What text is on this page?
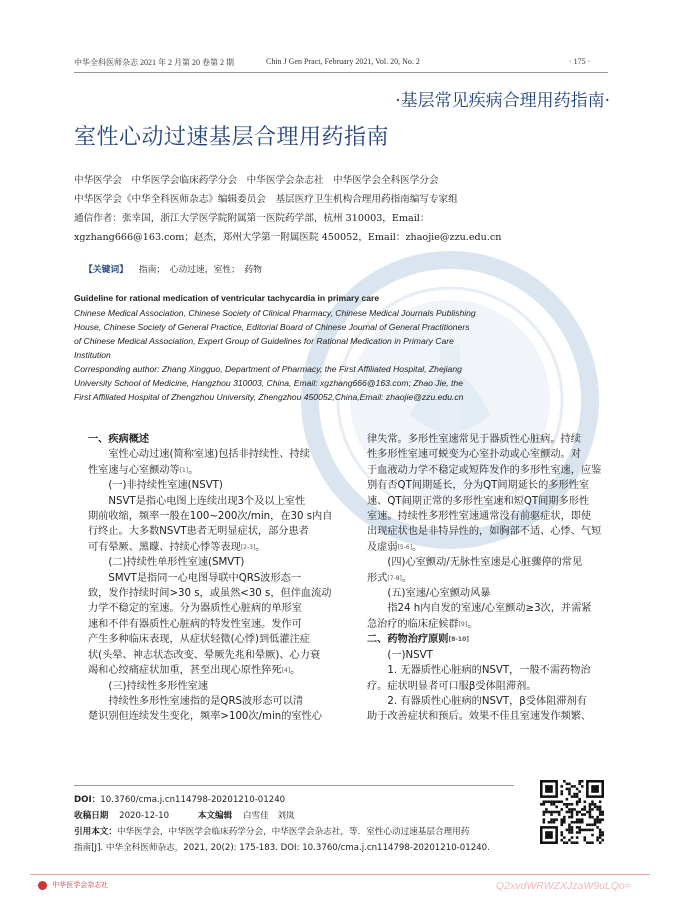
中华全科医师杂志 2021 年 2 月第 20 卷第 2 期	Chin J Gen Pract, February 2021, Vol. 20, No. 2	· 175 ·
·基层常见疾病合理用药指南·
室性心动过速基层合理用药指南
中华医学会　中华医学会临床药学分会　中华医学会杂志社　中华医学会全科医学分会
中华医学会《中华全科医师杂志》编辑委员会　基层医疗卫生机构合理用药指南编写专家组
通信作者：张幸国，浙江大学医学院附属第一医院药学部，杭州 310003，Email：
xgzhang666@163.com；赵杰，郑州大学第一附属医院 450052，Email：zhaojie@zzu.edu.cn
【关键词】 指南；　心动过速，室性；　药物
Guideline for rational medication of ventricular tachycardia in primary care
Chinese Medical Association, Chinese Society of Clinical Pharmacy, Chinese Medical Journals Publishing
House, Chinese Society of General Practice, Editorial Board of Chinese Journal of General Practitioners
of Chinese Medical Association, Expert Group of Guidelines for Rational Medication in Primary Care
Institution
Corresponding author: Zhang Xingguo, Department of Pharmacy, the First Affiliated Hospital, Zhejiang
University School of Medicine, Hangzhou 310003, China, Email: xgzhang666@163.com; Zhao Jie, the
First Affiliated Hospital of Zhengzhou University, Zhengzhou 450052,China,Email: zhaojie@zzu.edu.cn
一、疾病概述
　　室性心动过速(简称室速)包括非持续性、持续
性室速与心室颤动等[1]。
　　(一)非持续性室速(NSVT)
　　NSVT是指心电图上连续出现3个及以上室性
期前收缩，频率一般在100~200次/min，在30 s内自
行终止。大多数NSVT患者无明显症状，部分患者
可有晕厥、黑矇、持续心悸等表现[2-3]。
　　(二)持续性单形性室速(SMVT)
　　SMVT是指同一心电图导联中QRS波形态一
致，发作持续时间>30 s，或虽然<30 s，但伴血流动
力学不稳定的室速。分为器质性心脏病的单形室
速和不伴有器质性心脏病的特发性室速。发作可
产生多种临床表现，从症状轻微(心悸)到低灌注症
状(头晕、神志状态改变、晕厥先兆和晕厥)、心力衰
竭和心绞痛症状加重，甚至出现心原性猝死[4]。
　　(三)持续性多形性室速
　　持续性多形性室速指的是QRS波形态可以清
楚识别但连续发生变化，频率>100次/min的室性心
律失常。多形性室速常见于器质性心脏病。持续
性多形性室速可蜕变为心室扑动或心室颤动。对
于血液动力学不稳定或短阵发作的多形性室速，应鉴
别有否QT间期延长，分为QT间期延长的多形性室
速、QT间期正常的多形性室速和短QT间期多形性
室速。持续性多形性室速通常没有前驱症状，即使
出现症状也是非特异性的，如胸部不适、心悸、气短
及虚弱[5-6]。
　　(四)心室颤动/无脉性室速是心脏骤停的常见
形式[7-8]。
　　(五)室速/心室颤动风暴
　　指24 h内自发的室速/心室颤动≥3次，并需紧
急治疗的临床症候群[9]。
二、药物治疗原则[8-10]
　　(一)NSVT
　　1. 无器质性心脏病的NSVT，一般不需药物治
疗。症状明显者可口服β受体阻滞剂。
　　2. 有器质性心脏病的NSVT，β受体阻滞剂有
助于改善症状和预后。效果不佳且室速发作频繁、
DOI：10.3760/cma.j.cn114798-20201210-01240
收稿日期 2020-12-10	本文编辑 白雪佳　刘岚
引用本文：中华医学会，中华医学会临床药学分会，中华医学会杂志社，等．室性心动过速基层合理用药
指南[J]. 中华全科医师杂志，2021, 20(2): 175-183. DOI: 10.3760/cma.j.cn114798-20201210-01240.
中华医学会杂志社	Q2xvdWRWZXJzaW9uLQo=
